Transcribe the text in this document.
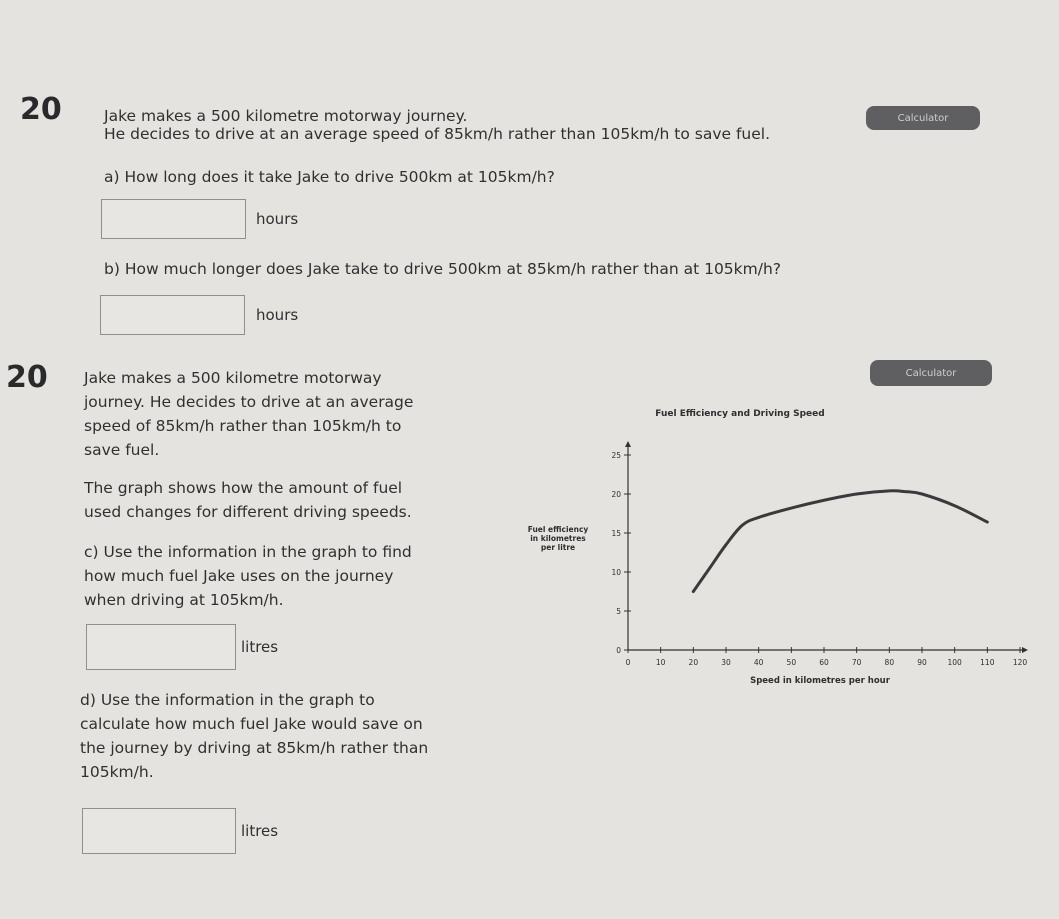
20	Calculator
Jake makes a 500 kilometre motorway journey.
He decides to drive at an average speed of 85km/h rather than 105km/h to save fuel.
a) How long does it take Jake to drive 500km at 105km/h?
hours
b) How much longer does Jake take to drive 500km at 85km/h rather than at 105km/h?
hours
20	Calculator
Jake makes a 500 kilometre motorway
journey. He decides to drive at an average
speed of 85km/h rather than 105km/h to
save fuel.
The graph shows how the amount of fuel
used changes for different driving speeds.
c) Use the information in the graph to find
how much fuel Jake uses on the journey
when driving at 105km/h.
litres
d) Use the information in the graph to
calculate how much fuel Jake would save on
the journey by driving at 85km/h rather than
105km/h.
litres
Fuel Efficiency and Driving Speed
Fuel efficiency
in kilometres
per litre
Speed in kilometres per hour
0	10	20	30	40	50	60	70	80	90	100 110 120
0
5
10
15
20
25
